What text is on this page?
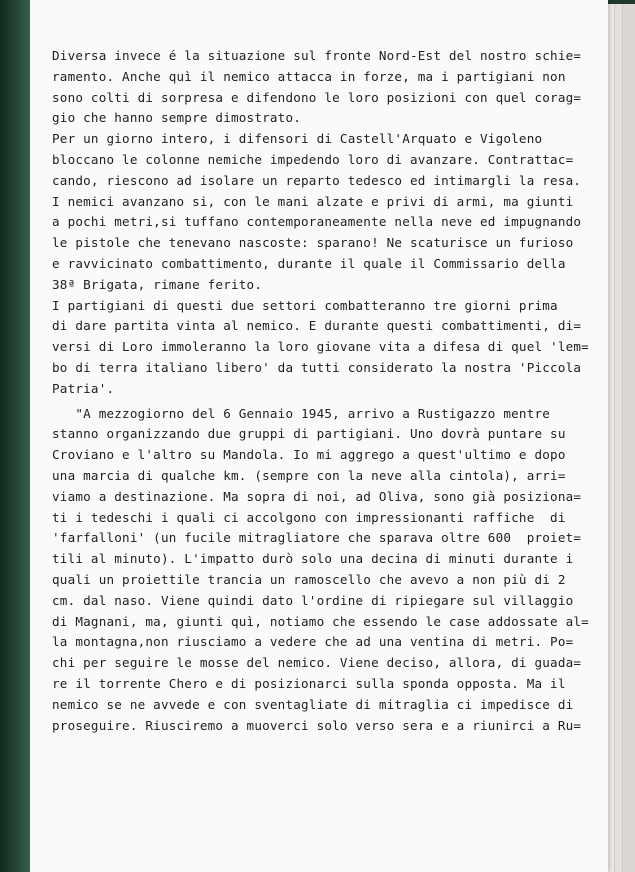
Diversa invece é la situazione sul fronte Nord-Est del nostro schie=
ramento. Anche quì il nemico attacca in forze, ma i partigiani non
sono colti di sorpresa e difendono le loro posizioni con quel corag=
gio che hanno sempre dimostrato.
Per un giorno intero, i difensori di Castell'Arquato e Vigoleno
bloccano le colonne nemiche impedendo loro di avanzare. Contrattac=
cando, riescono ad isolare un reparto tedesco ed intimargli la resa.
I nemici avanzano si, con le mani alzate e privi di armi, ma giunti
a pochi metri,si tuffano contemporaneamente nella neve ed impugnando
le pistole che tenevano nascoste: sparano! Ne scaturisce un furioso
e ravvicinato combattimento, durante il quale il Commissario della
38ª Brigata, rimane ferito.
I partigiani di questi due settori combatteranno tre giorni prima
di dare partita vinta al nemico. E durante questi combattimenti, di=
versi di Loro immoleranno la loro giovane vita a difesa di quel 'lem=
bo di terra italiano libero' da tutti considerato la nostra 'Piccola
Patria'.
"A mezzogiorno del 6 Gennaio 1945, arrivo a Rustigazzo mentre
stanno organizzando due gruppi di partigiani. Uno dovrà puntare su
Croviano e l'altro su Mandola. Io mi aggrego a quest'ultimo e dopo
una marcia di qualche km. (sempre con la neve alla cintola), arri=
viamo a destinazione. Ma sopra di noi, ad Oliva, sono già posiziona=
ti i tedeschi i quali ci accolgono con impressionanti raffiche  di
'farfalloni' (un fucile mitragliatore che sparava oltre 600  proiet=
tili al minuto). L'impatto durò solo una decina di minuti durante i
quali un proiettile trancia un ramoscello che avevo a non più di 2
cm. dal naso. Viene quindi dato l'ordine di ripiegare sul villaggio
di Magnani, ma, giunti quì, notiamo che essendo le case addossate al=
la montagna,non riusciamo a vedere che ad una ventina di metri. Po=
chi per seguire le mosse del nemico. Viene deciso, allora, di guada=
re il torrente Chero e di posizionarci sulla sponda opposta. Ma il
nemico se ne avvede e con sventagliate di mitraglia ci impedisce di
proseguire. Riusciremo a muoverci solo verso sera e a riunirci a Ru=
